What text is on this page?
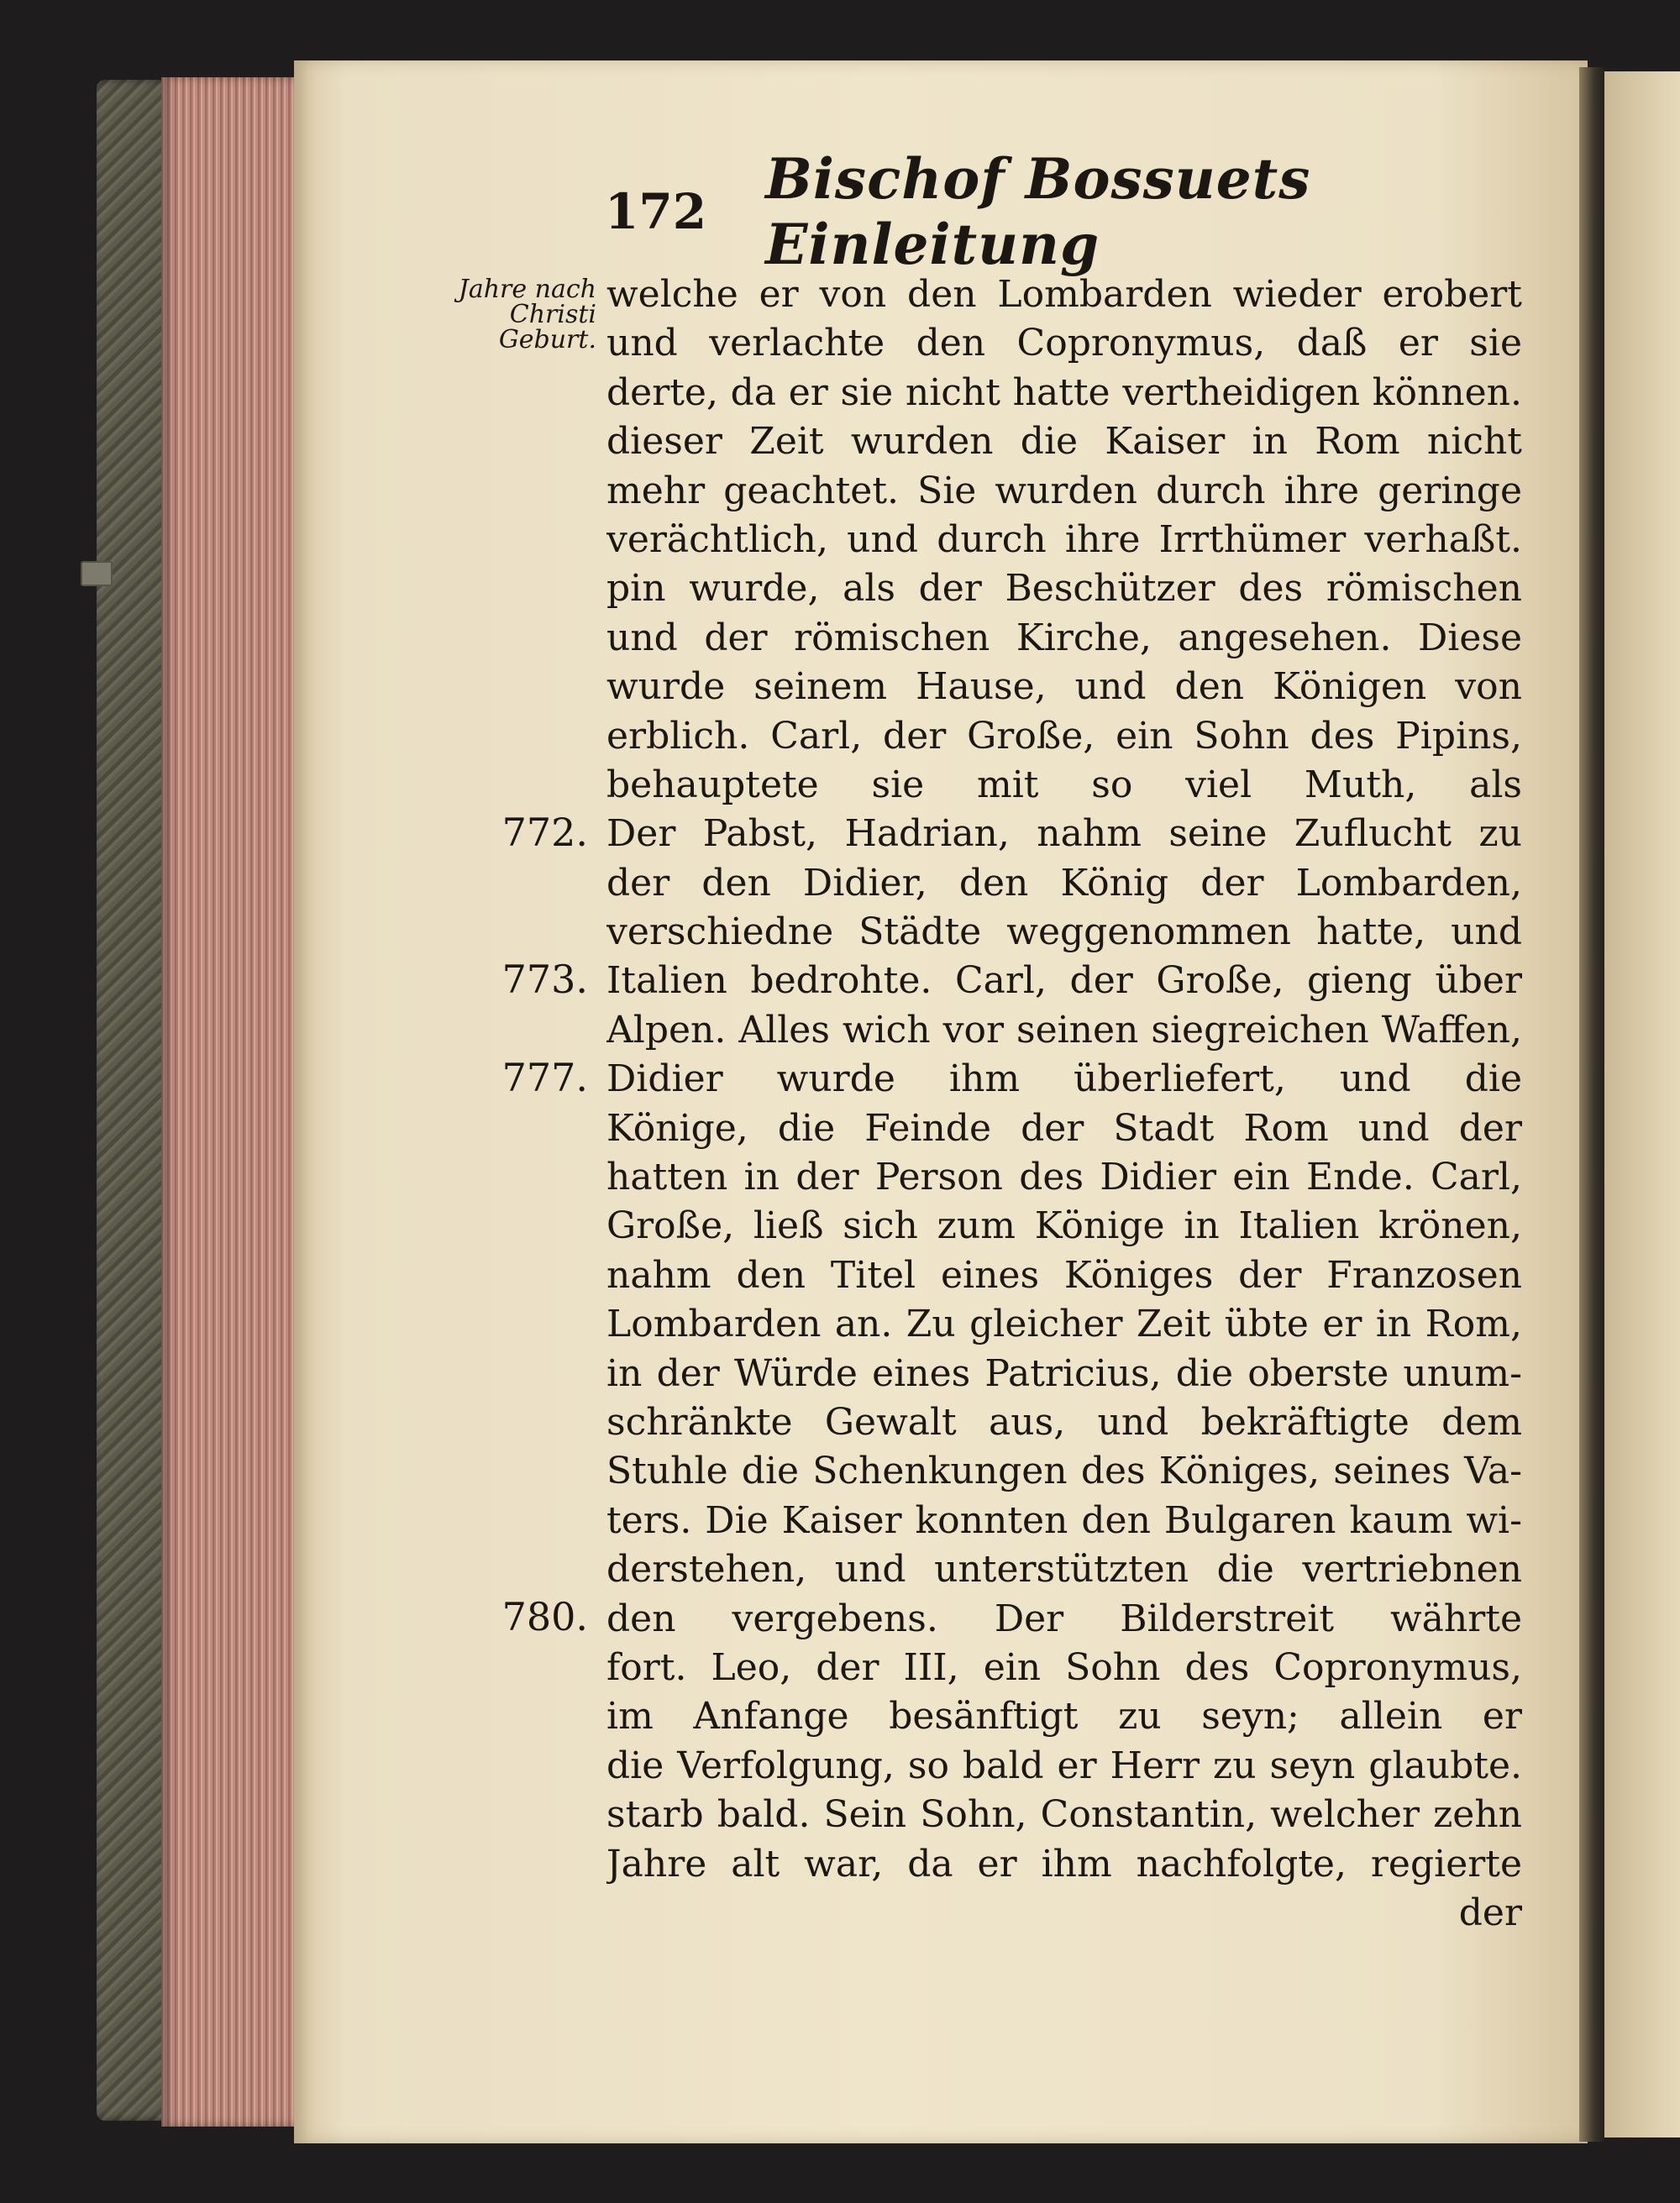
172 Bischof Bossuets Einleitung
Jahre nach Christi Geburt.
772.
773.
777.
780.
welche er von den Lombarden wieder erobert
und verlachte den Copronymus, daß er sie
derte, da er sie nicht hatte vertheidigen können.
dieser Zeit wurden die Kaiser in Rom nicht
mehr geachtet. Sie wurden durch ihre geringe
verächtlich, und durch ihre Irrthümer verhaßt.
pin wurde, als der Beschützer des römischen
und der römischen Kirche, angesehen. Diese
wurde seinem Hause, und den Königen von
erblich. Carl, der Große, ein Sohn des Pipins,
behauptete sie mit so viel Muth, als
Der Pabst, Hadrian, nahm seine Zuflucht zu
der den Didier, den König der Lombarden,
verschiedne Städte weggenommen hatte, und
Italien bedrohte. Carl, der Große, gieng über
Alpen. Alles wich vor seinen siegreichen Waffen,
Didier wurde ihm überliefert, und die
Könige, die Feinde der Stadt Rom und der
hatten in der Person des Didier ein Ende. Carl,
Große, ließ sich zum Könige in Italien krönen,
nahm den Titel eines Königes der Franzosen
Lombarden an. Zu gleicher Zeit übte er in Rom,
in der Würde eines Patricius, die oberste unum-
schränkte Gewalt aus, und bekräftigte dem
Stuhle die Schenkungen des Königes, seines Va-
ters. Die Kaiser konnten den Bulgaren kaum wi-
derstehen, und unterstützten die vertriebnen
den vergebens. Der Bilderstreit währte
fort. Leo, der III, ein Sohn des Copronymus,
im Anfange besänftigt zu seyn; allein er
die Verfolgung, so bald er Herr zu seyn glaubte.
starb bald. Sein Sohn, Constantin, welcher zehn
Jahre alt war, da er ihm nachfolgte, regierte
der
